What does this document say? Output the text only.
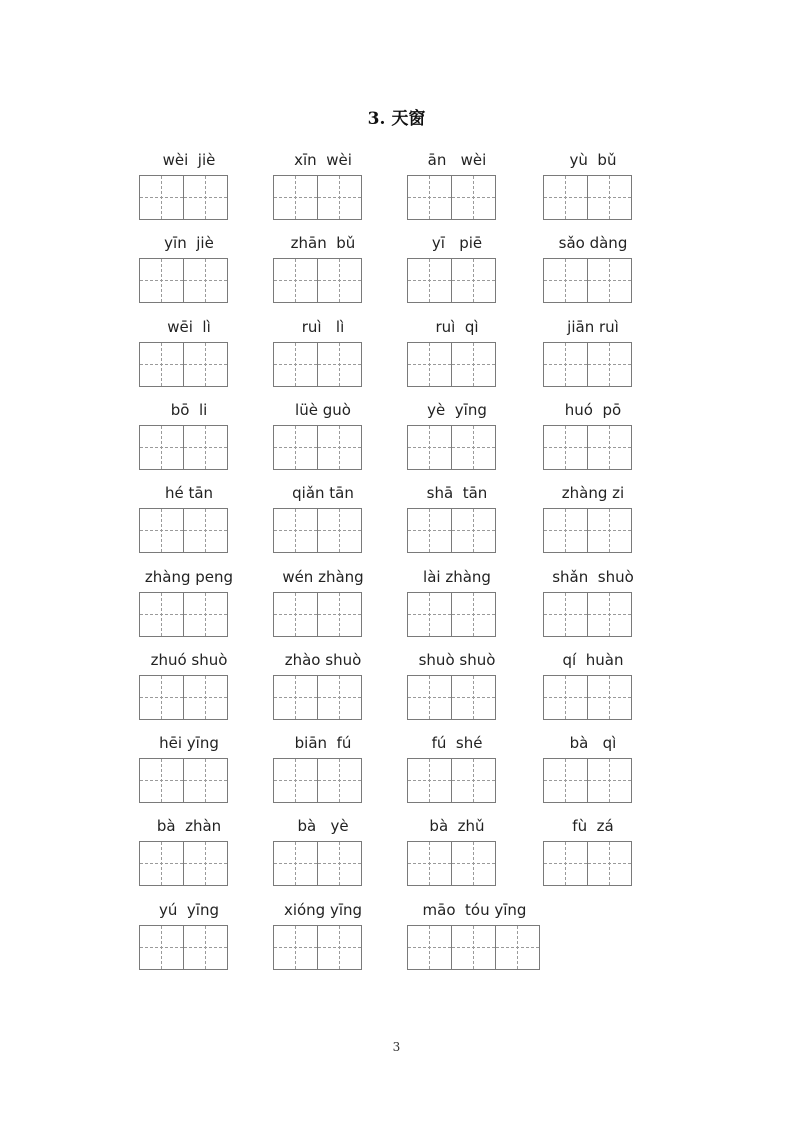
3. 天窗
wèi  jiè	xīn  wèi	ān   wèi	yù  bǔ
yīn  jiè	zhān  bǔ	yī   piē	sǎo dàng
wēi  lì	ruì   lì	ruì  qì	jiān ruì
bō  li	lüè guò	yè  yīng	huó  pō
hé tān	qiǎn tān	shā  tān	zhàng zi
zhàng peng	wén zhàng	lài zhàng	shǎn  shuò
zhuó shuò	zhào shuò	shuò shuò	qí  huàn
hēi yīng	biān  fú	fú  shé	bà   qì
bà  zhàn	bà   yè	bà  zhǔ	fù  zá
yú  yīng	xióng yīng	māo  tóu yīng
3
